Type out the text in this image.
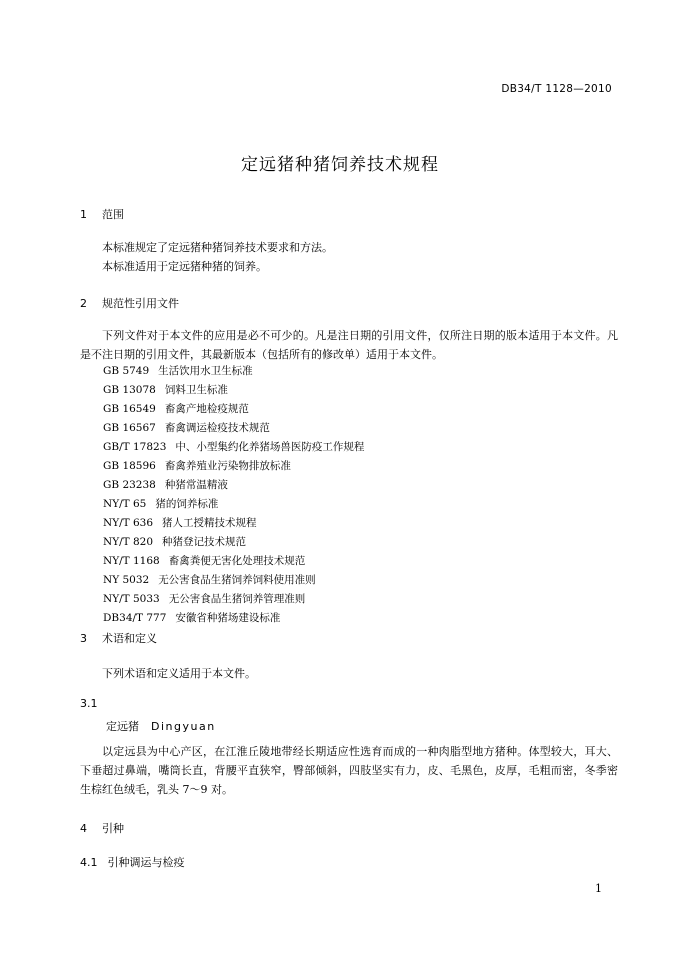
DB34/T 1128—2010
定远猪种猪饲养技术规程
1 范围

本标准规定了定远猪种猪饲养技术要求和方法。

本标准适用于定远猪种猪的饲养。

2 规范性引用文件

下列文件对于本文件的应用是必不可少的。凡是注日期的引用文件，仅所注日期的版本适用于本文件。凡是不注日期的引用文件，其最新版本（包括所有的修改单）适用于本文件。

GB 5749 生活饮用水卫生标准
GB 13078 饲料卫生标准
GB 16549 畜禽产地检疫规范
GB 16567 畜禽调运检疫技术规范
GB/T 17823 中、小型集约化养猪场兽医防疫工作规程
GB 18596 畜禽养殖业污染物排放标准
GB 23238 种猪常温精液
NY/T 65 猪的饲养标准
NY/T 636 猪人工授精技术规程
NY/T 820 种猪登记技术规范
NY/T 1168 畜禽粪便无害化处理技术规范
NY 5032 无公害食品生猪饲养饲料使用准则
NY/T 5033 无公害食品生猪饲养管理准则
DB34/T 777 安徽省种猪场建设标准
3 术语和定义

下列术语和定义适用于本文件。

3.1
定远猪 Dingyuan

以定远县为中心产区，在江淮丘陵地带经长期适应性选育而成的一种肉脂型地方猪种。体型较大，耳大、下垂超过鼻端，嘴筒长直，背腰平直狭窄，臀部倾斜，四肢坚实有力，皮、毛黑色，皮厚，毛粗而密，冬季密生棕红色绒毛，乳头 7～9 对。

4 引种
4.1 引种调运与检疫
1
